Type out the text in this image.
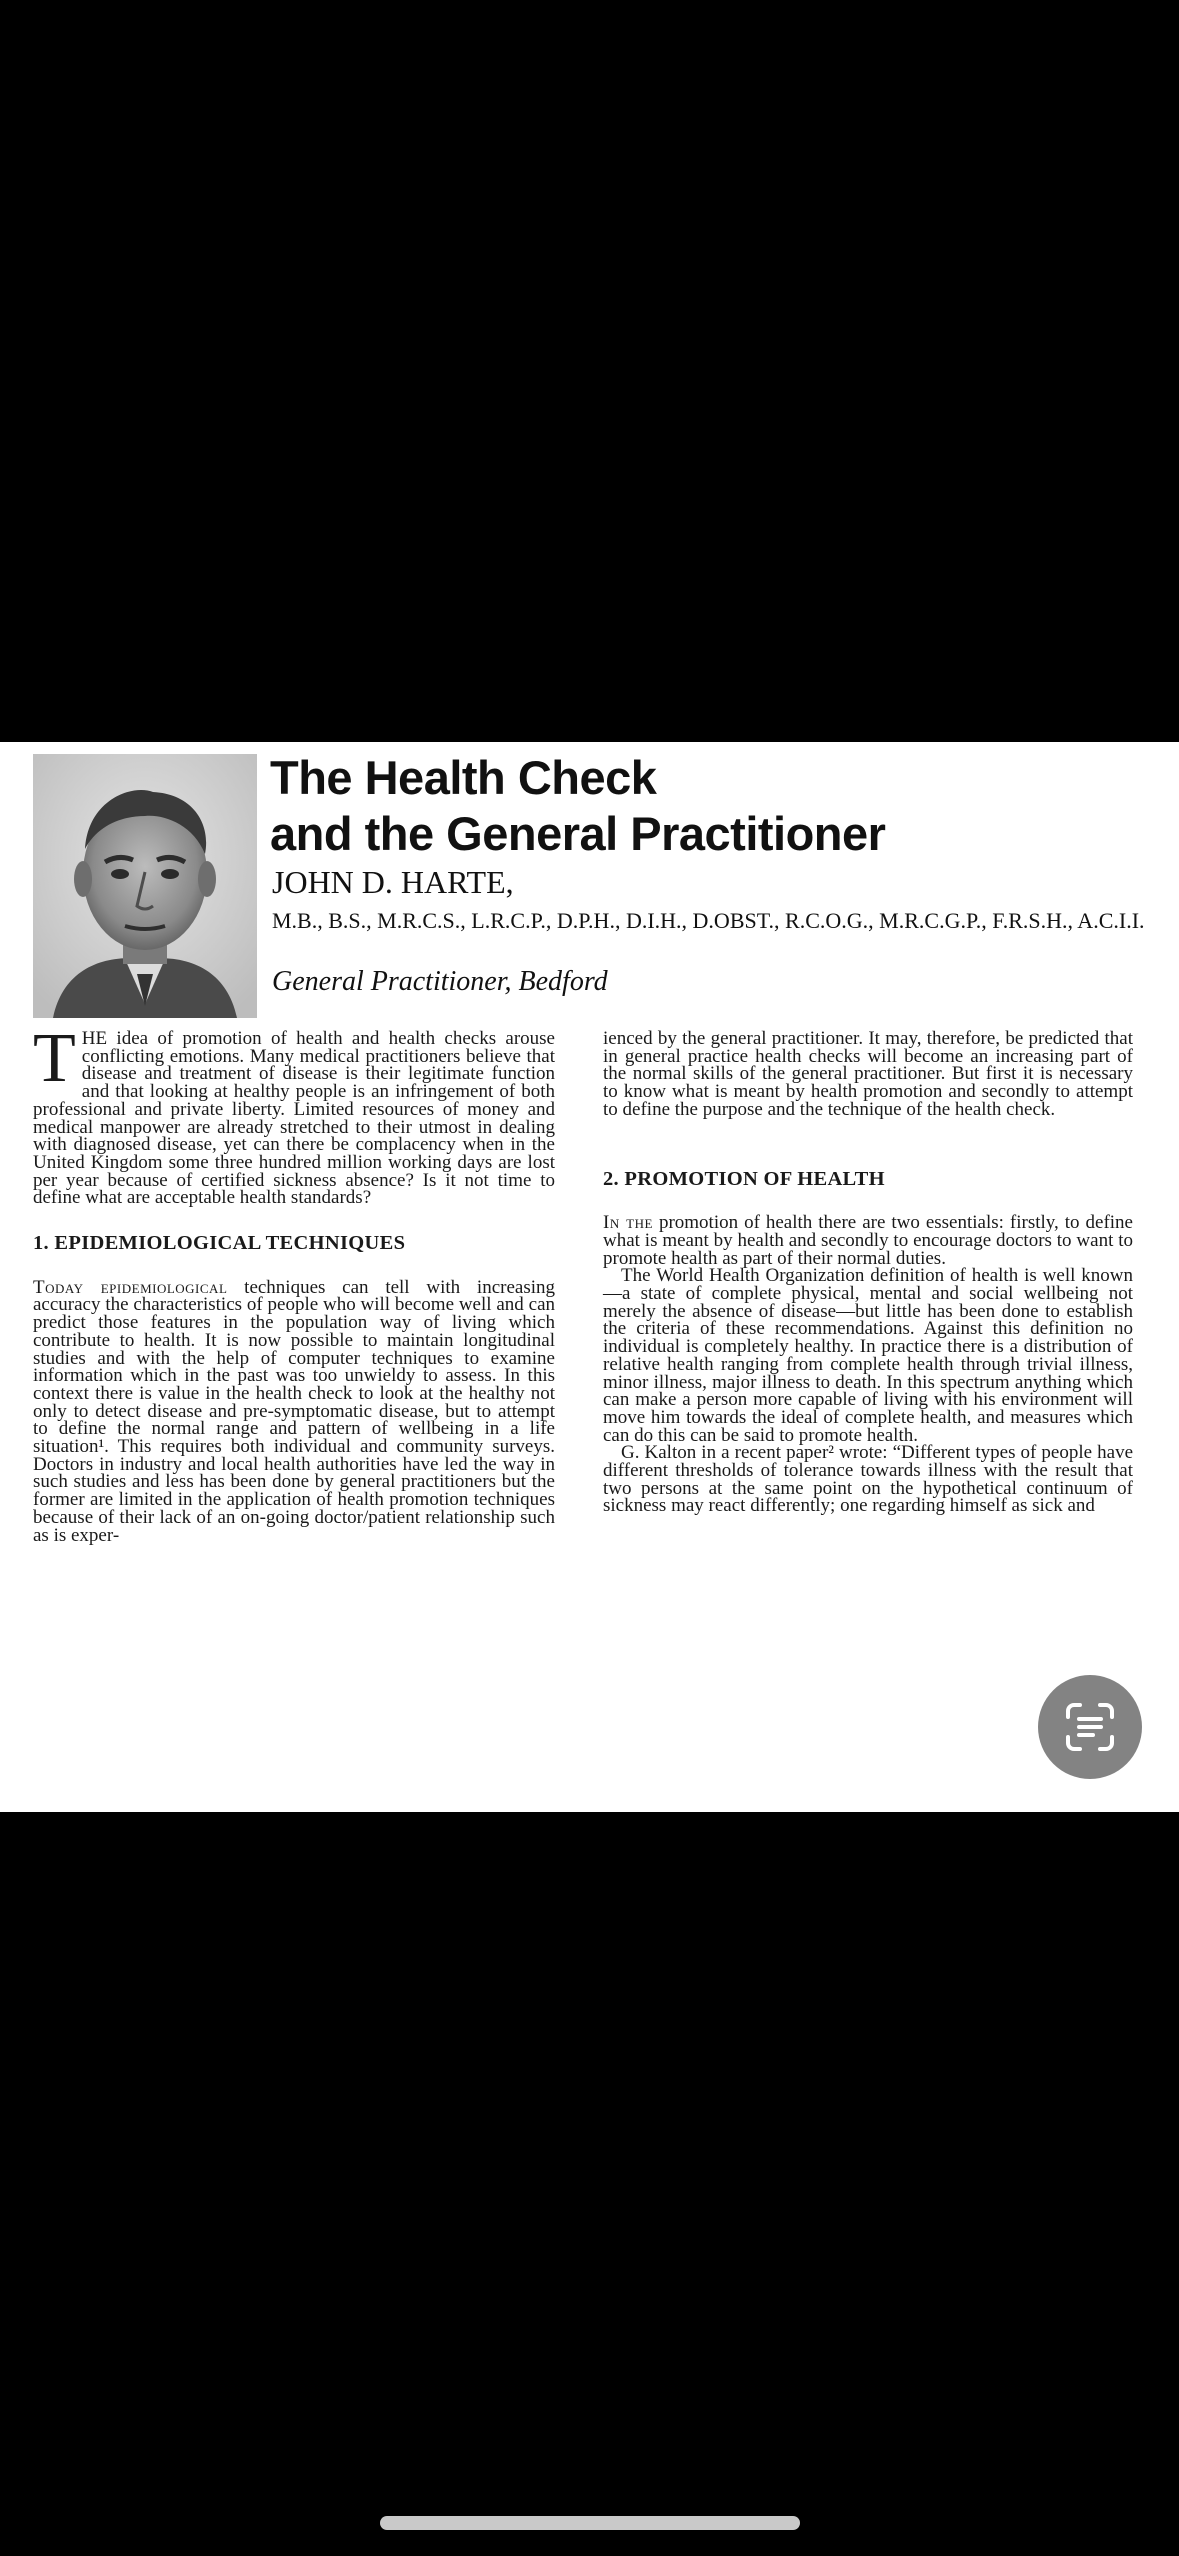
The Health Check
and the General Practitioner
JOHN D. HARTE,
M.B., B.S., M.R.C.S., L.R.C.P., D.P.H., D.I.H., D.OBST., R.C.O.G., M.R.C.G.P., F.R.S.H., A.C.I.I.
General Practitioner, Bedford

THE idea of promotion of health and health checks arouse conflicting emotions. Many medical practitioners believe that disease and treatment of disease is their legitimate function and that looking at healthy people is an infringement of both professional and private liberty. Limited resources of money and medical manpower are already stretched to their utmost in dealing with diagnosed disease, yet can there be complacency when in the United Kingdom some three hundred million working days are lost per year because of certified sickness absence? Is it not time to define what are acceptable health standards?

1. EPIDEMIOLOGICAL TECHNIQUES

Today epidemiological techniques can tell with increasing accuracy the characteristics of people who will become well and can predict those features in the population way of living which contribute to health. It is now possible to maintain longitudinal studies and with the help of computer techniques to examine information which in the past was too unwieldy to assess. In this context there is value in the health check to look at the healthy not only to detect disease and pre-symptomatic disease, but to attempt to define the normal range and pattern of wellbeing in a life situation¹. This requires both individual and community surveys. Doctors in industry and local health authorities have led the way in such studies and less has been done by general practitioners but the former are limited in the application of health promotion techniques because of their lack of an on-going doctor/patient relationship such as is exper-

ienced by the general practitioner. It may, therefore, be predicted that in general practice health checks will become an increasing part of the normal skills of the general practitioner. But first it is necessary to know what is meant by health promotion and secondly to attempt to define the purpose and the technique of the health check.

2. PROMOTION OF HEALTH

In the promotion of health there are two essentials: firstly, to define what is meant by health and secondly to encourage doctors to want to promote health as part of their normal duties.

The World Health Organization definition of health is well known—a state of complete physical, mental and social wellbeing not merely the absence of disease—but little has been done to establish the criteria of these recommendations. Against this definition no individual is completely healthy. In practice there is a distribution of relative health ranging from complete health through trivial illness, minor illness, major illness to death. In this spectrum anything which can make a person more capable of living with his environment will move him towards the ideal of complete health, and measures which can do this can be said to promote health.

G. Kalton in a recent paper² wrote: “Different types of people have different thresholds of tolerance towards illness with the result that two persons at the same point on the hypothetical continuum of sickness may react differently; one regarding himself as sick and
